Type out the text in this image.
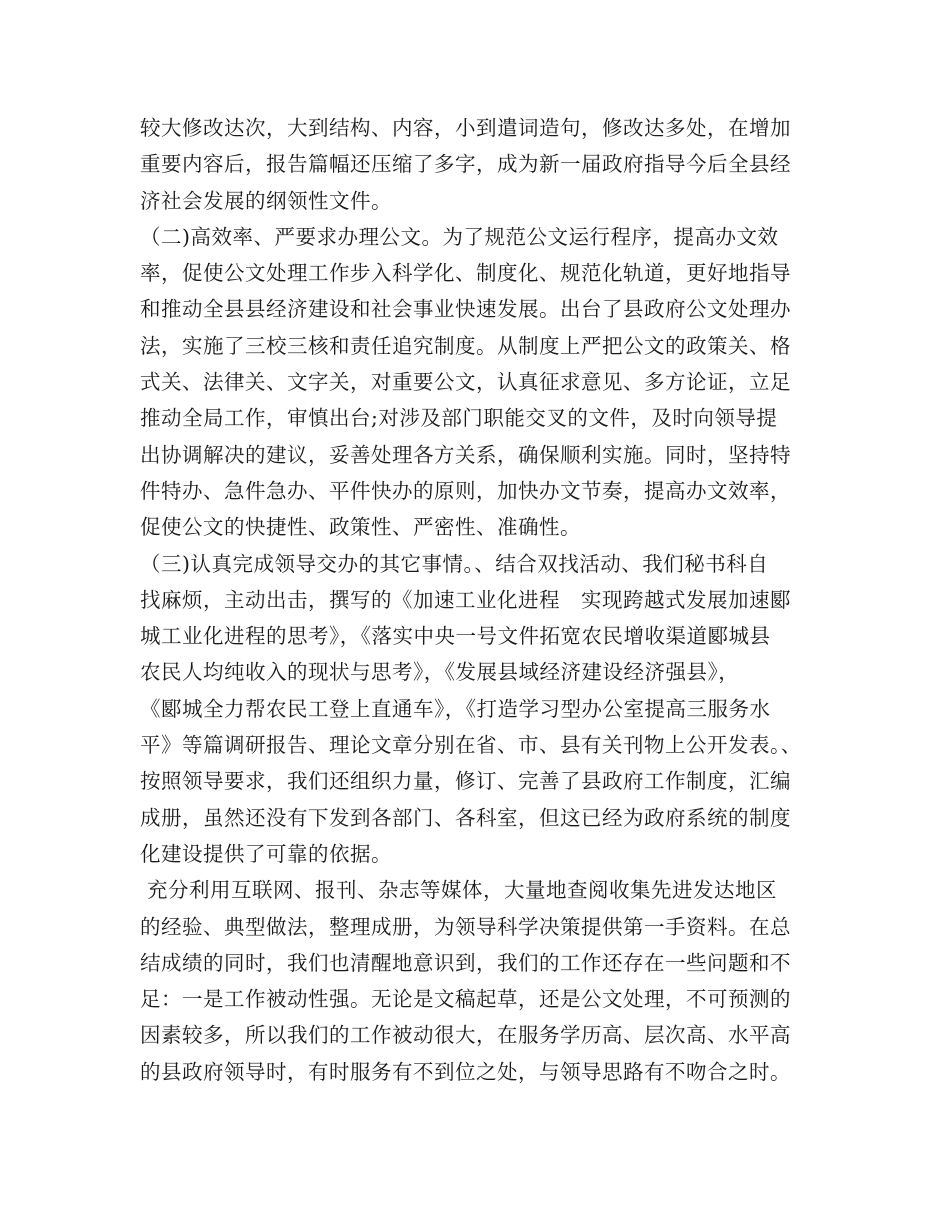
较大修改达次，大到结构、内容，小到遣词造句，修改达多处，在增加
重要内容后，报告篇幅还压缩了多字，成为新一届政府指导今后全县经
济社会发展的纲领性文件。
（二)高效率、严要求办理公文。为了规范公文运行程序，提高办文效
率，促使公文处理工作步入科学化、制度化、规范化轨道，更好地指导
和推动全县县经济建设和社会事业快速发展。出台了县政府公文处理办
法，实施了三校三核和责任追究制度。从制度上严把公文的政策关、格
式关、法律关、文字关，对重要公文，认真征求意见、多方论证，立足
推动全局工作，审慎出台;对涉及部门职能交叉的文件，及时向领导提
出协调解决的建议，妥善处理各方关系，确保顺利实施。同时，坚持特
件特办、急件急办、平件快办的原则，加快办文节奏，提高办文效率，
促使公文的快捷性、政策性、严密性、准确性。
（三)认真完成领导交办的其它事情。、结合双找活动、我们秘书科自
找麻烦，主动出击，撰写的《加速工业化进程　实现跨越式发展加速郾
城工业化进程的思考》，《落实中央一号文件拓宽农民增收渠道郾城县
农民人均纯收入的现状与思考》，《发展县域经济建设经济强县》，
《郾城全力帮农民工登上直通车》，《打造学习型办公室提高三服务水
平》等篇调研报告、理论文章分别在省、市、县有关刊物上公开发表。、
按照领导要求，我们还组织力量，修订、完善了县政府工作制度，汇编
成册，虽然还没有下发到各部门、各科室，但这已经为政府系统的制度
化建设提供了可靠的依据。
充分利用互联网、报刊、杂志等媒体，大量地查阅收集先进发达地区
的经验、典型做法，整理成册，为领导科学决策提供第一手资料。在总
结成绩的同时，我们也清醒地意识到，我们的工作还存在一些问题和不
足：一是工作被动性强。无论是文稿起草，还是公文处理，不可预测的
因素较多，所以我们的工作被动很大，在服务学历高、层次高、水平高
的县政府领导时，有时服务有不到位之处，与领导思路有不吻合之时。
